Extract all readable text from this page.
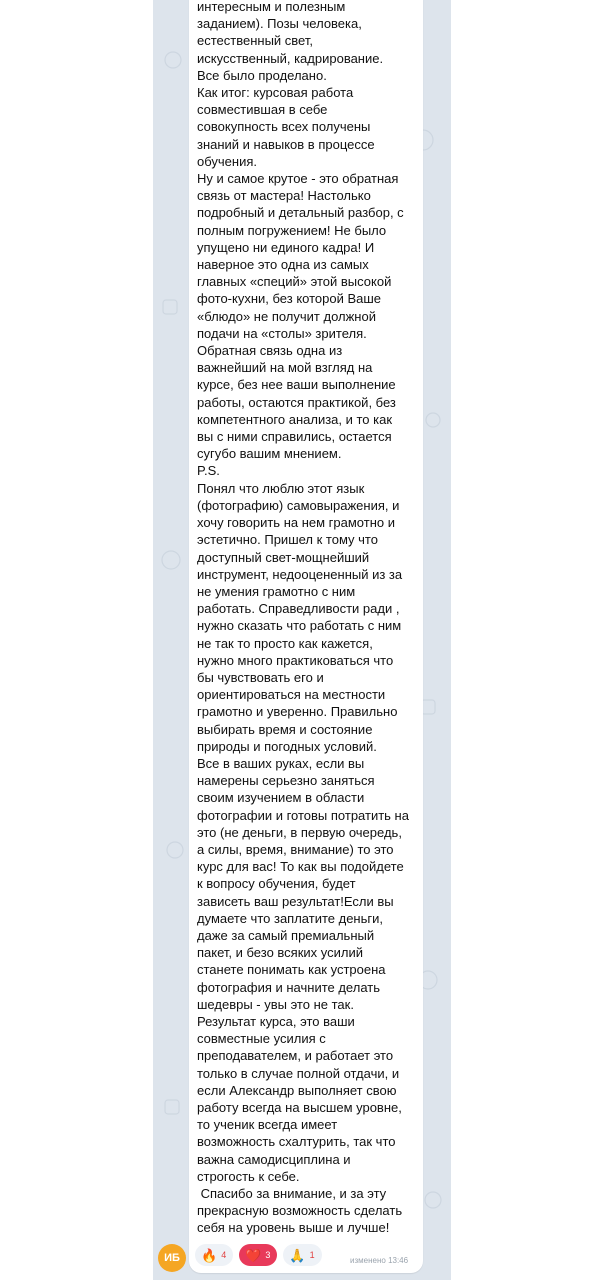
интересным и полезным
заданием). Позы человека,
естественный свет,
искусственный, кадрирование.
Все было проделано.
Как итог: курсовая работа
совместившая в себе
совокупность всех получены
знаний и навыков в процессе
обучения.
Ну и самое крутое - это обратная
связь от мастера! Настолько
подробный и детальный разбор, с
полным погружением! Не было
упущено ни единого кадра! И
наверное это одна из самых
главных «специй» этой высокой
фото-кухни, без которой Ваше
«блюдо» не получит должной
подачи на «столы» зрителя.
Обратная связь одна из
важнейший на мой взгляд на
курсе, без нее ваши выполнение
работы, остаются практикой, без
компетентного анализа, и то как
вы с ними справились, остается
сугубо вашим мнением.
P.S.
Понял что люблю этот язык
(фотографию) самовыражения, и
хочу говорить на нем грамотно и
эстетично. Пришел к тому что
доступный свет-мощнейший
инструмент, недооцененный из за
не умения грамотно с ним
работать. Справедливости ради ,
нужно сказать что работать с ним
не так то просто как кажется,
нужно много практиковаться что
бы чувствовать его и
ориентироваться на местности
грамотно и уверенно. Правильно
выбирать время и состояние
природы и погодных условий.
Все в ваших руках, если вы
намерены серьезно заняться
своим изучением в области
фотографии и готовы потратить на
это (не деньги, в первую очередь,
а силы, время, внимание) то это
курс для вас! То как вы подойдете
к вопросу обучения, будет
зависеть ваш результат!Если вы
думаете что заплатите деньги,
даже за самый премиальный
пакет, и безо всяких усилий
станете понимать как устроена
фотография и начните делать
шедевры - увы это не так.
Результат курса, это ваши
совместные усилия с
преподавателем, и работает это
только в случае полной отдачи, и
если Александр выполняет свою
работу всегда на высшем уровне,
то ученик всегда имеет
возможность схалтурить, так что
важна самодисциплина и
строгость к себе.
Спасибо за внимание, и за эту
прекрасную возможность сделать
себя на уровень выше и лучше!
ИБ 🔥 4 ❤️ 3 🙏 1
изменено 13:46
